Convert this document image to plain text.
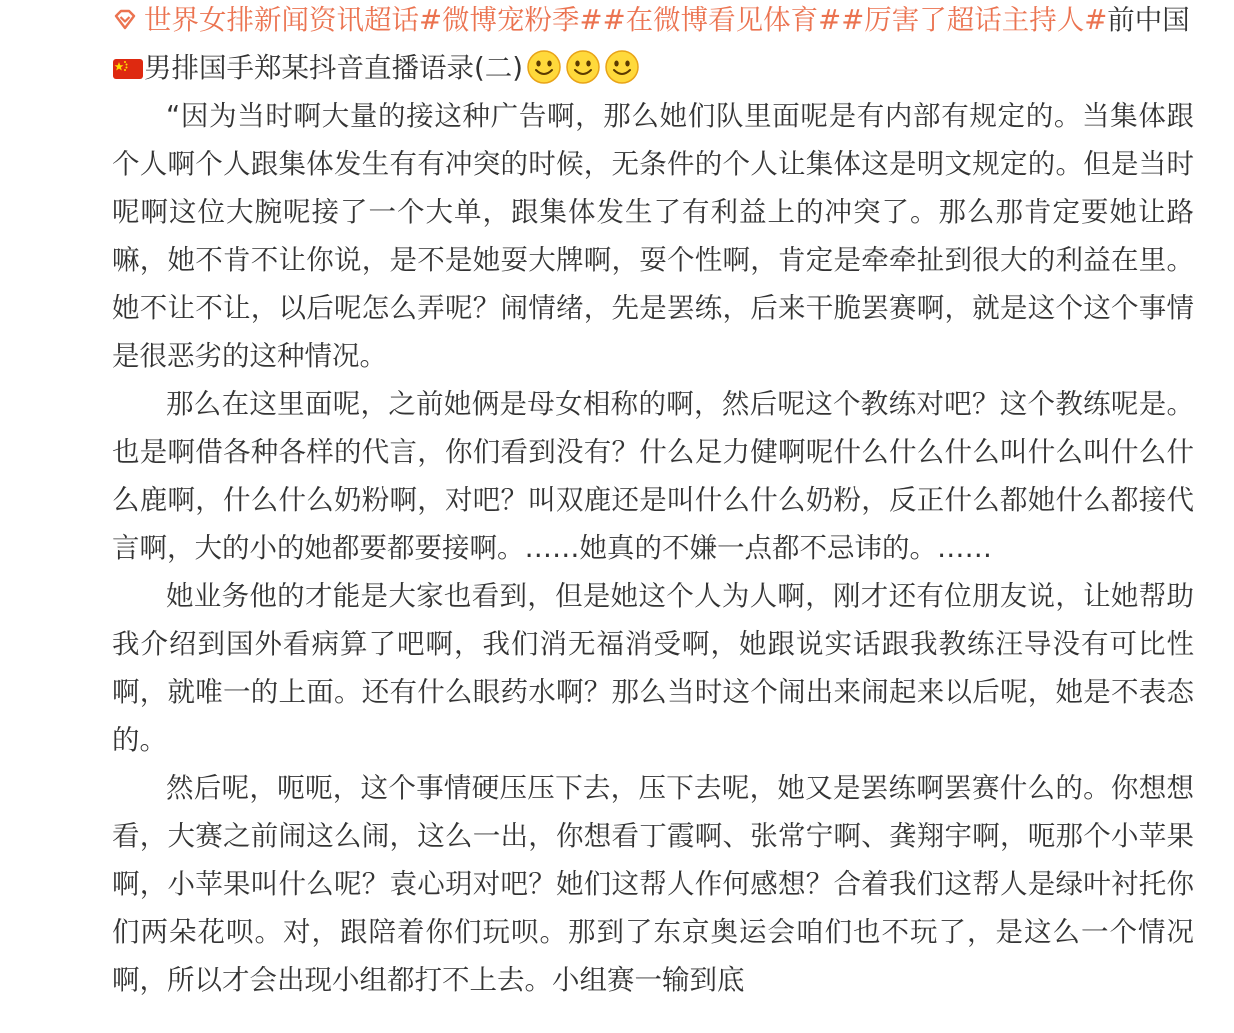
世界女排新闻资讯超话#微博宠粉季##在微博看见体育##厉害了超话主持人#前中国
男排国手郑某抖音直播语录(二)

“因为当时啊大量的接这种广告啊，那么她们队里面呢是有内部有规定的。当集体跟个人啊个人跟集体发生有有冲突的时候，无条件的个人让集体这是明文规定的。但是当时呢啊这位大腕呢接了一个大单，跟集体发生了有利益上的冲突了。那么那肯定要她让路嘛，她不肯不让你说，是不是她耍大牌啊，耍个性啊，肯定是牵牵扯到很大的利益在里。她不让不让，以后呢怎么弄呢？闹情绪，先是罢练，后来干脆罢赛啊，就是这个这个事情是很恶劣的这种情况。

那么在这里面呢，之前她俩是母女相称的啊，然后呢这个教练对吧？这个教练呢是。也是啊借各种各样的代言，你们看到没有？什么足力健啊呢什么什么什么叫什么叫什么什么鹿啊，什么什么奶粉啊，对吧？叫双鹿还是叫什么什么奶粉，反正什么都她什么都接代言啊，大的小的她都要都要接啊。……她真的不嫌一点都不忌讳的。……

她业务他的才能是大家也看到，但是她这个人为人啊，刚才还有位朋友说，让她帮助我介绍到国外看病算了吧啊，我们消无福消受啊，她跟说实话跟我教练汪导没有可比性啊，就唯一的上面。还有什么眼药水啊？那么当时这个闹出来闹起来以后呢，她是不表态的。

然后呢，呃呃，这个事情硬压压下去，压下去呢，她又是罢练啊罢赛什么的。你想想看，大赛之前闹这么闹，这么一出，你想看丁霞啊、张常宁啊、龚翔宇啊，呃那个小苹果啊，小苹果叫什么呢？袁心玥对吧？她们这帮人作何感想？合着我们这帮人是绿叶衬托你们两朵花呗。对，跟陪着你们玩呗。那到了东京奥运会咱们也不玩了，是这么一个情况啊，所以才会出现小组都打不上去。小组赛一输到底
